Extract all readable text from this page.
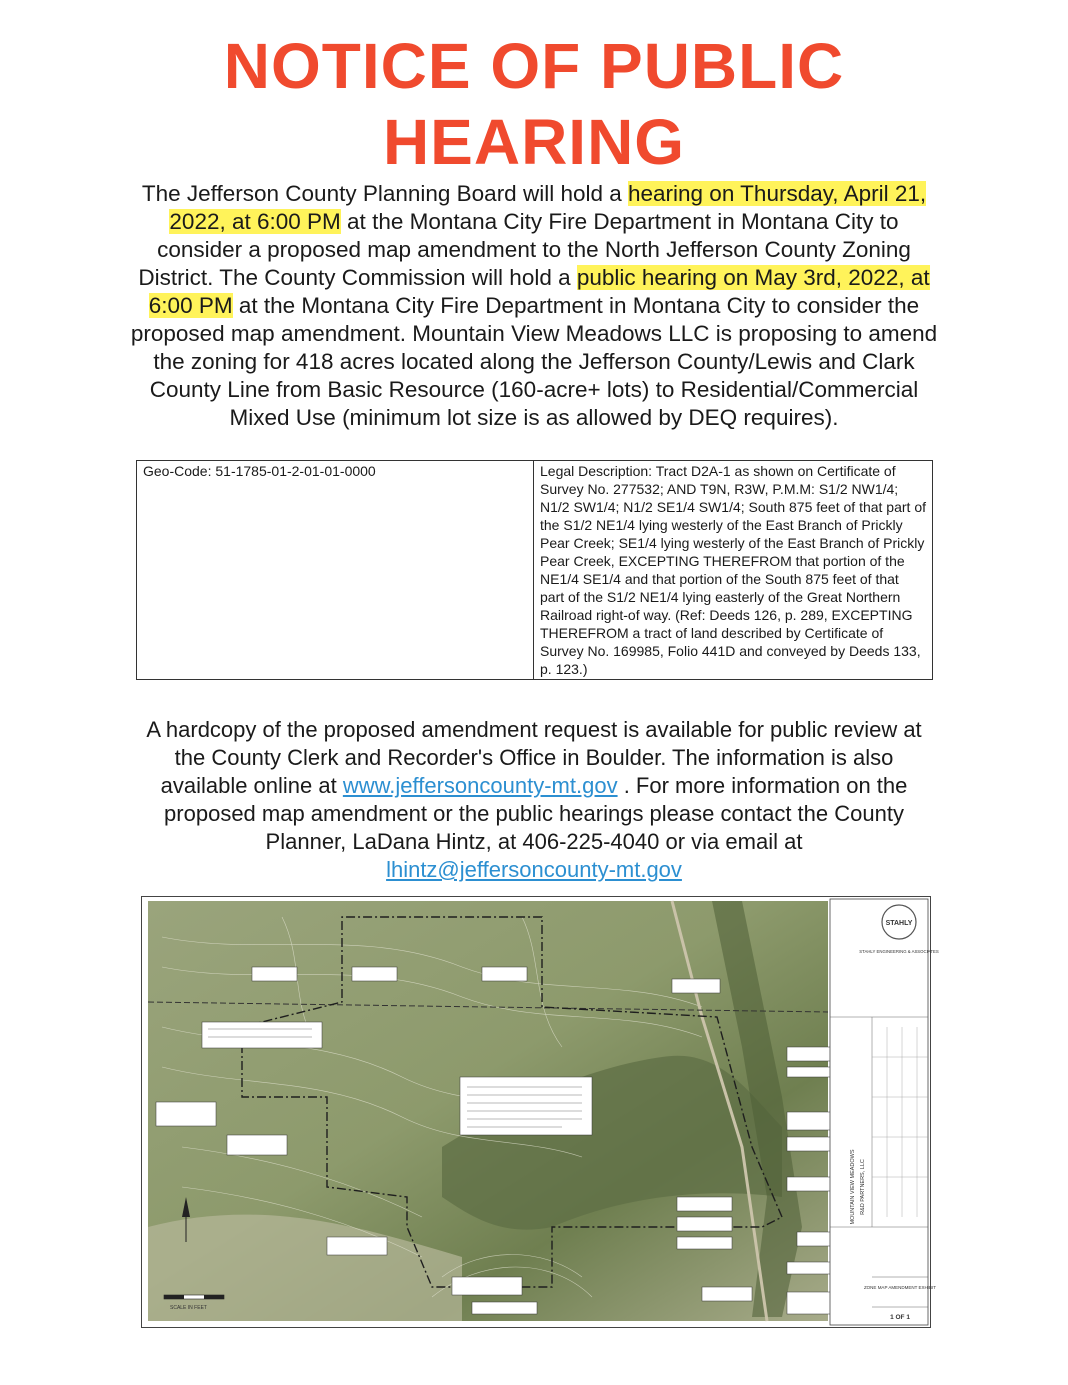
NOTICE OF PUBLIC
HEARING
The Jefferson County Planning Board will hold a hearing on Thursday, April 21, 2022, at 6:00 PM at the Montana City Fire Department in Montana City to consider a proposed map amendment to the North Jefferson County Zoning District. The County Commission will hold a public hearing on May 3rd, 2022, at 6:00 PM at the Montana City Fire Department in Montana City to consider the proposed map amendment. Mountain View Meadows LLC is proposing to amend the zoning for 418 acres located along the Jefferson County/Lewis and Clark County Line from Basic Resource (160-acre+ lots) to Residential/Commercial Mixed Use (minimum lot size is as allowed by DEQ requires).
Geo-Code: 51-1785-01-2-01-01-0000	Legal Description: Tract D2A-1 as shown on Certificate of Survey No. 277532; AND T9N, R3W, P.M.M: S1/2 NW1/4; N1/2 SW1/4; N1/2 SE1/4 SW1/4; South 875 feet of that part of the S1/2 NE1/4 lying westerly of the East Branch of Prickly Pear Creek; SE1/4 lying westerly of the East Branch of Prickly Pear Creek, EXCEPTING THEREFROM that portion of the NE1/4 SE1/4 and that portion of the South 875 feet of that part of the S1/2 NE1/4 lying easterly of the Great Northern Railroad right-of way. (Ref: Deeds 126, p. 289, EXCEPTING THEREFROM a tract of land described by Certificate of Survey No. 169985, Folio 441D and conveyed by Deeds 133, p. 123.)
A hardcopy of the proposed amendment request is available for public review at the County Clerk and Recorder's Office in Boulder. The information is also available online at www.jeffersoncounty-mt.gov . For more information on the proposed map amendment or the public hearings please contact the County Planner, LaDana Hintz, at 406-225-4040 or via email at
lhintz@jeffersoncounty-mt.gov
SCALE IN FEET
STAHLY
STAHLY ENGINEERING & ASSOCIATES
MOUNTAIN VIEW MEADOWS R&D PARTNERS, LLC
ZONE MAP AMENDMENT EXHIBIT
1 OF 1
